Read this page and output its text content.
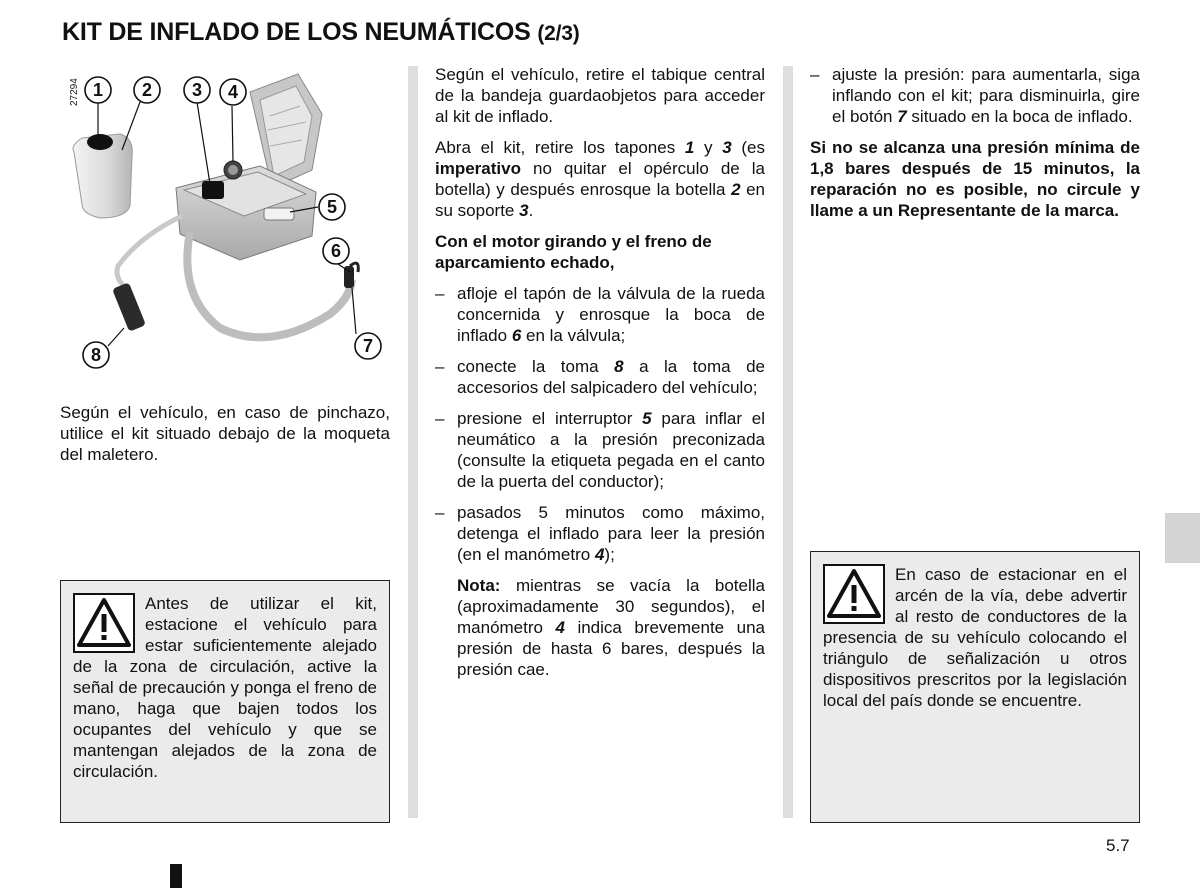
KIT DE INFLADO DE LOS NEUMÁTICOS (2/3)
27294 1 2 3 4
5
6
7
8

Según el vehículo, en caso de pinchazo, utilice el kit situado debajo de la moqueta del maletero.

Antes de utilizar el kit, estacione el vehículo para estar suficientemente alejado de la zona de circulación, active la señal de precaución y ponga el freno de mano, haga que bajen todos los ocupantes del vehículo y que se mantengan alejados de la zona de circulación.

Según el vehículo, retire el tabique central de la bandeja guardaobjetos para acceder al kit de inflado.

Abra el kit, retire los tapones 1 y 3 (es imperativo no quitar el opérculo de la botella) y después enrosque la botella 2 en su soporte 3.

Con el motor girando y el freno de aparcamiento echado,

– afloje el tapón de la válvula de la rueda concernida y enrosque la boca de inflado 6 en la válvula;
– conecte la toma 8 a la toma de accesorios del salpicadero del vehículo;
– presione el interruptor 5 para inflar el neumático a la presión preconizada (consulte la etiqueta pegada en el canto de la puerta del conductor);
– pasados 5 minutos como máximo, detenga el inflado para leer la presión (en el manómetro 4);

Nota: mientras se vacía la botella (aproximadamente 30 segundos), el manómetro 4 indica brevemente una presión de hasta 6 bares, después la presión cae.

– ajuste la presión: para aumentarla, siga inflando con el kit; para disminuirla, gire el botón 7 situado en la boca de inflado.

Si no se alcanza una presión mínima de 1,8 bares después de 15 minutos, la reparación no es posible, no circule y llame a un Representante de la marca.

En caso de estacionar en el arcén de la vía, debe advertir al resto de conductores de la presencia de su vehículo colocando el triángulo de señalización u otros dispositivos prescritos por la legislación local del país donde se encuentre.

5.7
